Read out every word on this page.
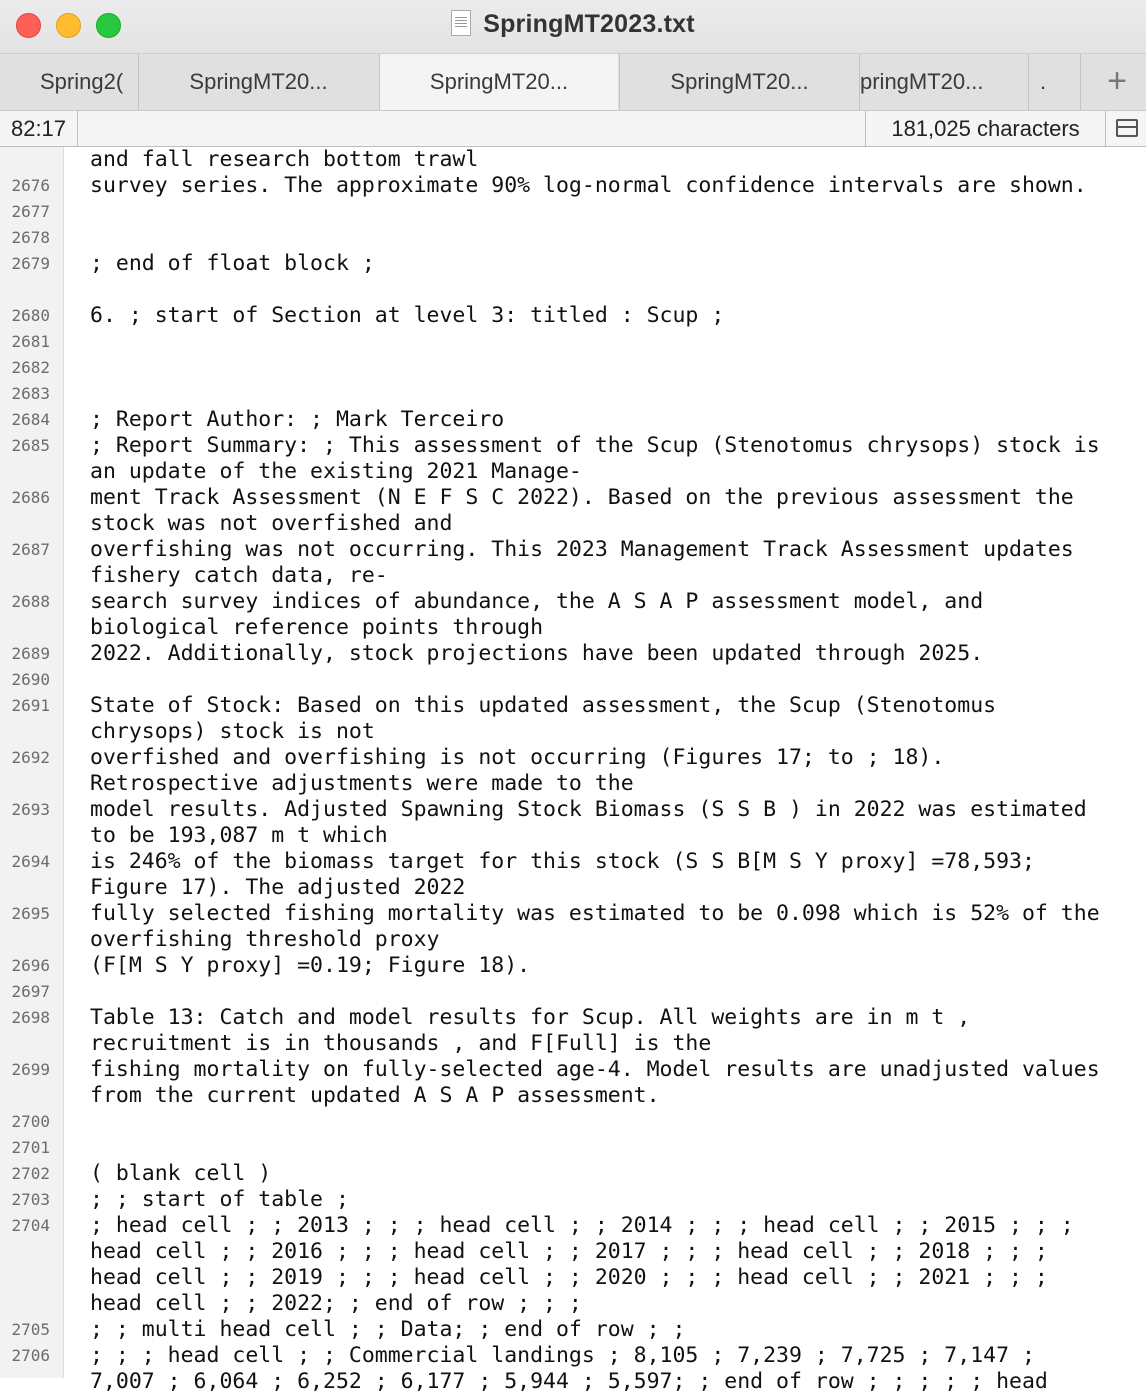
SpringMT2023.txt
Spring2(	SpringMT20...	SpringMT20...	SpringMT20...	pringMT20...	.	+
82:17	181,025 characters
and fall research bottom trawl
2676 survey series. The approximate 90% log-normal confidence intervals are shown.
2677
2678
2679 ; end of float block ;
2680 6. ; start of Section at level 3: titled : Scup ;
2681
2682
2683
2684 ; Report Author: ; Mark Terceiro
2685 ; Report Summary: ; This assessment of the Scup (Stenotomus chrysops) stock is
an update of the existing 2021 Manage-
2686 ment Track Assessment (N E F S C 2022). Based on the previous assessment the
stock was not overfished and
2687 overfishing was not occurring. This 2023 Management Track Assessment updates
fishery catch data, re-
2688 search survey indices of abundance, the A S A P assessment model, and
biological reference points through
2689 2022. Additionally, stock projections have been updated through 2025.
2690
2691 State of Stock: Based on this updated assessment, the Scup (Stenotomus
chrysops) stock is not
2692 overfished and overfishing is not occurring (Figures 17; to ; 18).
Retrospective adjustments were made to the
2693 model results. Adjusted Spawning Stock Biomass (S S B ) in 2022 was estimated
to be 193,087 m t which
2694 is 246% of the biomass target for this stock (S S B[M S Y proxy] =78,593;
Figure 17). The adjusted 2022
2695 fully selected fishing mortality was estimated to be 0.098 which is 52% of the
overfishing threshold proxy
2696 (F[M S Y proxy] =0.19; Figure 18).
2697
2698 Table 13: Catch and model results for Scup. All weights are in m t ,
recruitment is in thousands , and F[Full] is the
2699 fishing mortality on fully-selected age-4. Model results are unadjusted values
from the current updated A S A P assessment.
2700
2701
2702 ( blank cell )
2703 ; ; start of table ;
2704 ; head cell ; ; 2013 ; ; ; head cell ; ; 2014 ; ; ; head cell ; ; 2015 ; ; ;
head cell ; ; 2016 ; ; ; head cell ; ; 2017 ; ; ; head cell ; ; 2018 ; ; ;
head cell ; ; 2019 ; ; ; head cell ; ; 2020 ; ; ; head cell ; ; 2021 ; ; ;
head cell ; ; 2022; ; end of row ; ; ;
2705 ; ; multi head cell ; ; Data; ; end of row ; ;
2706 ; ; ; head cell ; ; Commercial landings ; 8,105 ; 7,239 ; 7,725 ; 7,147 ;
7,007 ; 6,064 ; 6,252 ; 6,177 ; 5,944 ; 5,597; ; end of row ; ; ; ; ; head
